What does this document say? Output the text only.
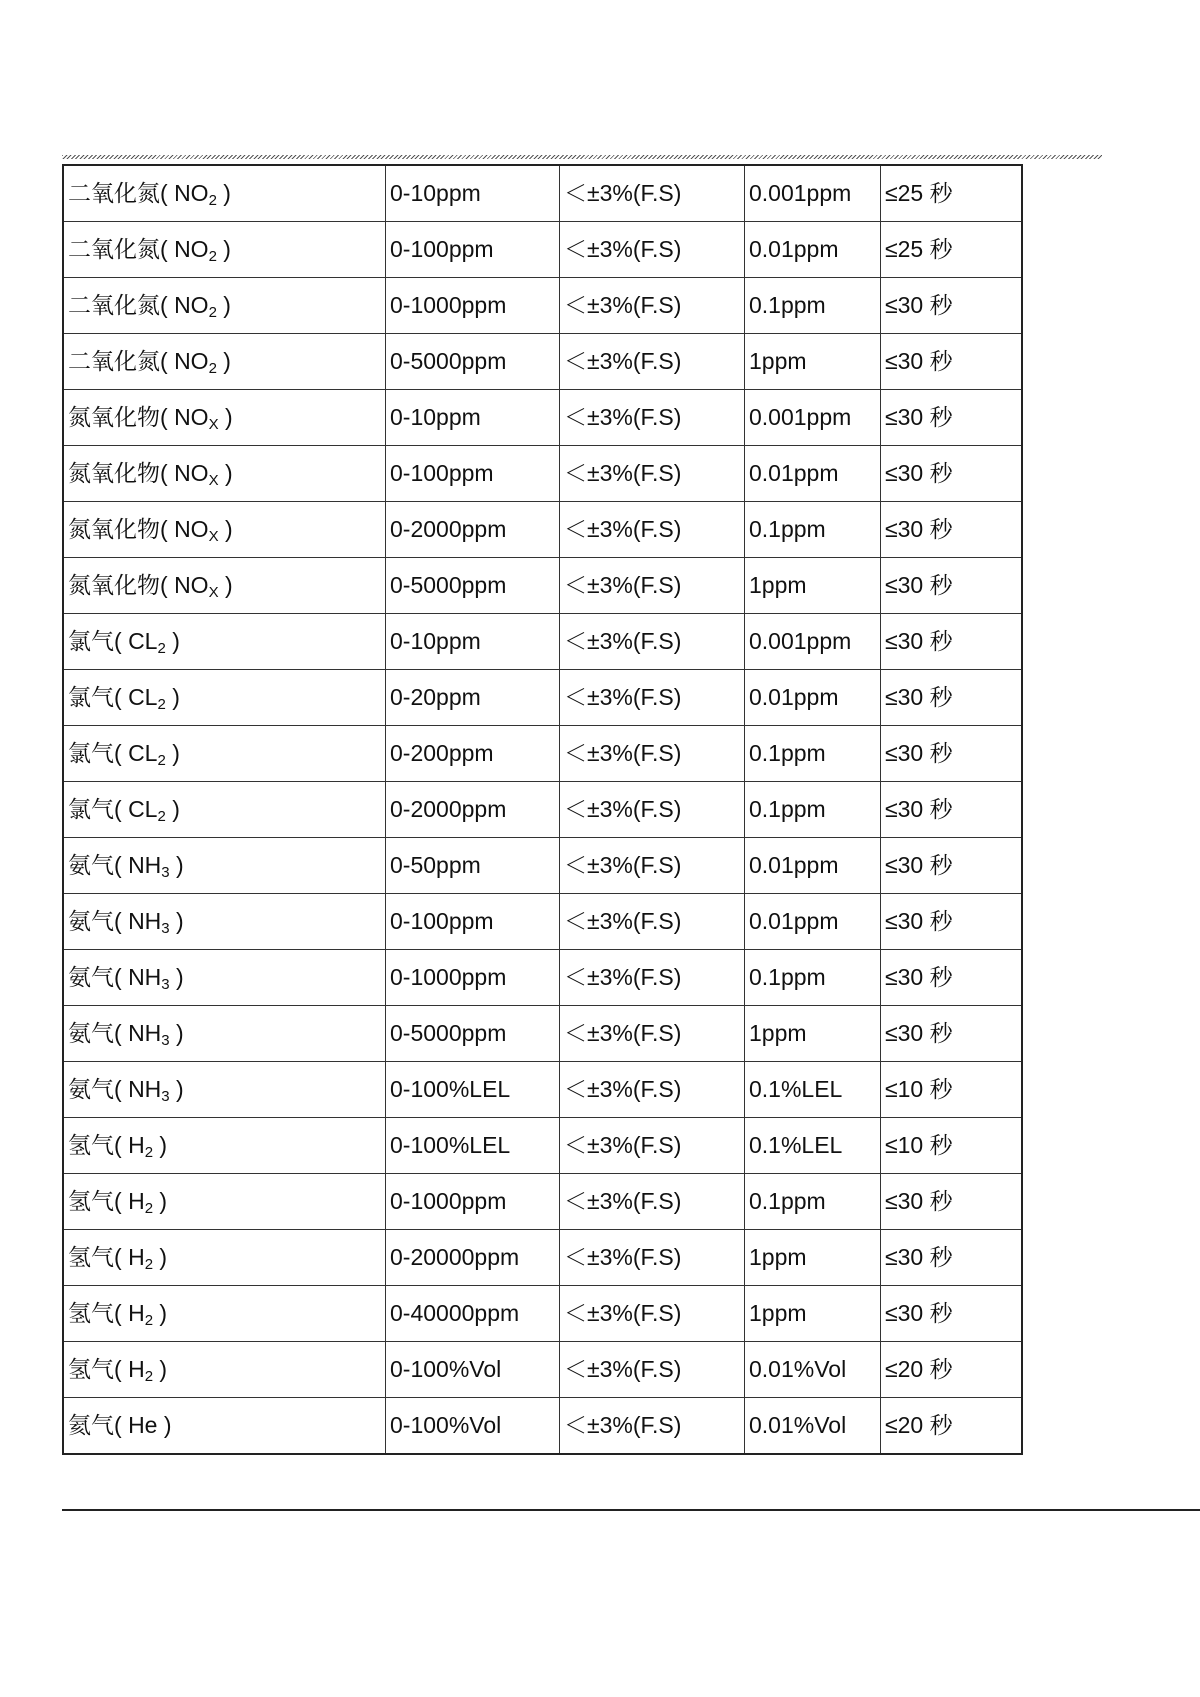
二氧化氮( $NO_2$ )	0-10ppm	＜±3%(F.S)	0.001ppm	≤25 秒
二氧化氮( $NO_2$ )	0-100ppm	＜±3%(F.S)	0.01ppm	≤25 秒
二氧化氮( $NO_2$ )	0-1000ppm	＜±3%(F.S)	0.1ppm	≤30 秒
二氧化氮( $NO_2$ )	0-5000ppm	＜±3%(F.S)	1ppm	≤30 秒
氮氧化物( $NO_X$ )	0-10ppm	＜±3%(F.S)	0.001ppm	≤30 秒
氮氧化物( $NO_X$ )	0-100ppm	＜±3%(F.S)	0.01ppm	≤30 秒
氮氧化物( $NO_X$ )	0-2000ppm	＜±3%(F.S)	0.1ppm	≤30 秒
氮氧化物( $NO_X$ )	0-5000ppm	＜±3%(F.S)	1ppm	≤30 秒
氯气( $CL_2$ )	0-10ppm	＜±3%(F.S)	0.001ppm	≤30 秒
氯气( $CL_2$ )	0-20ppm	＜±3%(F.S)	0.01ppm	≤30 秒
氯气( $CL_2$ )	0-200ppm	＜±3%(F.S)	0.1ppm	≤30 秒
氯气( $CL_2$ )	0-2000ppm	＜±3%(F.S)	0.1ppm	≤30 秒
氨气( $NH_3$ )	0-50ppm	＜±3%(F.S)	0.01ppm	≤30 秒
氨气( $NH_3$ )	0-100ppm	＜±3%(F.S)	0.01ppm	≤30 秒
氨气( $NH_3$ )	0-1000ppm	＜±3%(F.S)	0.1ppm	≤30 秒
氨气( $NH_3$ )	0-5000ppm	＜±3%(F.S)	1ppm	≤30 秒
氨气( $NH_3$ )	0-100%LEL	＜±3%(F.S)	0.1%LEL	≤10 秒
氢气( $H_2$ )	0-100%LEL	＜±3%(F.S)	0.1%LEL	≤10 秒
氢气( $H_2$ )	0-1000ppm	＜±3%(F.S)	0.1ppm	≤30 秒
氢气( $H_2$ )	0-20000ppm	＜±3%(F.S)	1ppm	≤30 秒
氢气( $H_2$ )	0-40000ppm	＜±3%(F.S)	1ppm	≤30 秒
氢气( $H_2$ )	0-100%Vol	＜±3%(F.S)	0.01%Vol	≤20 秒
氦气( He )	0-100%Vol	＜±3%(F.S)	0.01%Vol	≤20 秒
